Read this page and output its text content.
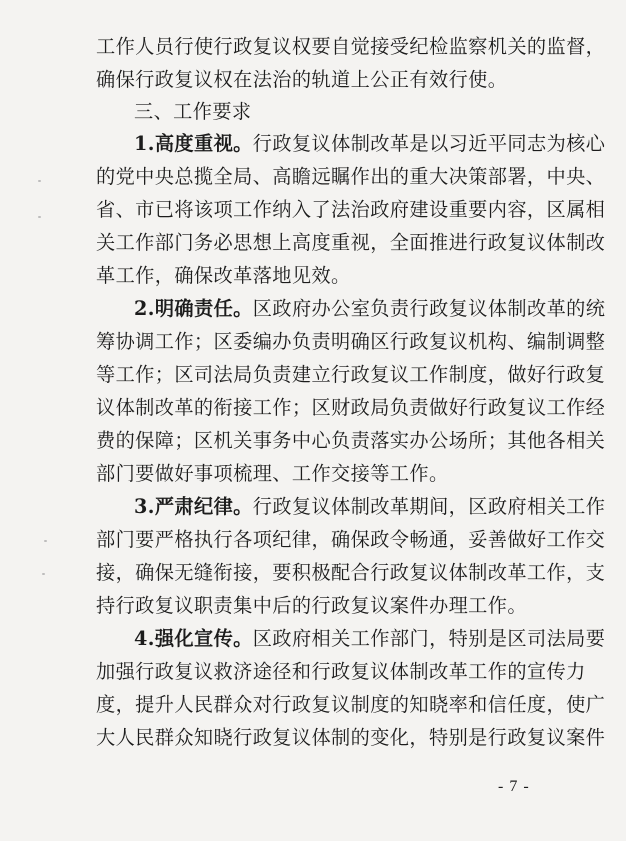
工作人员行使行政复议权要自觉接受纪检监察机关的监督，
确保行政复议权在法治的轨道上公正有效行使。
三、工作要求
1.高度重视。行政复议体制改革是以习近平同志为核心
的党中央总揽全局、高瞻远瞩作出的重大决策部署，中央、
省、市已将该项工作纳入了法治政府建设重要内容，区属相
关工作部门务必思想上高度重视，全面推进行政复议体制改
革工作，确保改革落地见效。
2.明确责任。区政府办公室负责行政复议体制改革的统
筹协调工作；区委编办负责明确区行政复议机构、编制调整
等工作；区司法局负责建立行政复议工作制度，做好行政复
议体制改革的衔接工作；区财政局负责做好行政复议工作经
费的保障；区机关事务中心负责落实办公场所；其他各相关
部门要做好事项梳理、工作交接等工作。
3.严肃纪律。行政复议体制改革期间，区政府相关工作
部门要严格执行各项纪律，确保政令畅通，妥善做好工作交
接，确保无缝衔接，要积极配合行政复议体制改革工作，支
持行政复议职责集中后的行政复议案件办理工作。
4.强化宣传。区政府相关工作部门，特别是区司法局要
加强行政复议救济途径和行政复议体制改革工作的宣传力
度，提升人民群众对行政复议制度的知晓率和信任度，使广
大人民群众知晓行政复议体制的变化，特别是行政复议案件
- 7 -
